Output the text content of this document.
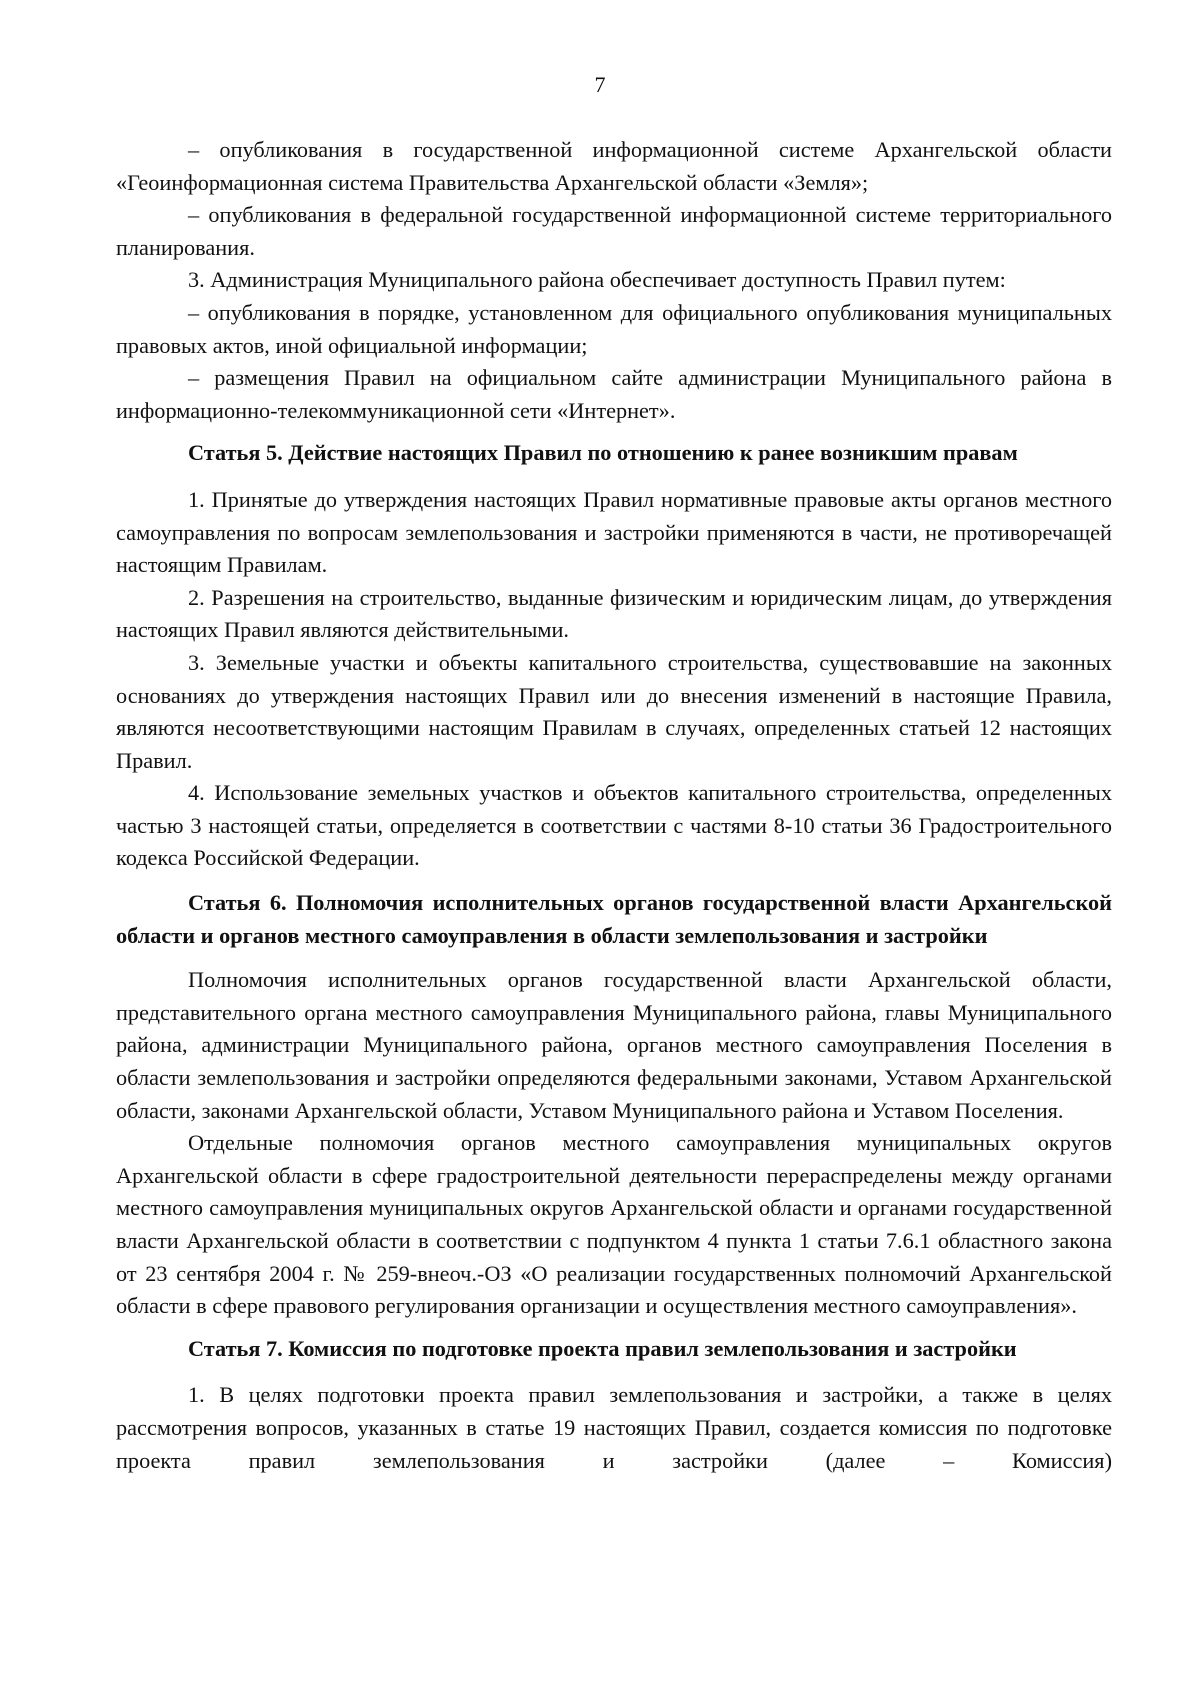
7

– опубликования в государственной информационной системе Архангельской области «Геоинформационная система Правительства Архангельской области «Земля»;

– опубликования в федеральной государственной информационной системе территориального планирования.

3. Администрация Муниципального района обеспечивает доступность Правил путем:

– опубликования в порядке, установленном для официального опубликования муниципальных правовых актов, иной официальной информации;

– размещения Правил на официальном сайте администрации Муниципального района в информационно-телекоммуникационной сети «Интернет».

Статья 5. Действие настоящих Правил по отношению к ранее возникшим правам

1. Принятые до утверждения настоящих Правил нормативные правовые акты органов местного самоуправления по вопросам землепользования и застройки применяются в части, не противоречащей настоящим Правилам.

2. Разрешения на строительство, выданные физическим и юридическим лицам, до утверждения настоящих Правил являются действительными.

3. Земельные участки и объекты капитального строительства, существовавшие на законных основаниях до утверждения настоящих Правил или до внесения изменений в настоящие Правила, являются несоответствующими настоящим Правилам в случаях, определенных статьей 12 настоящих Правил.

4. Использование земельных участков и объектов капитального строительства, определенных частью 3 настоящей статьи, определяется в соответствии с частями 8-10 статьи 36 Градостроительного кодекса Российской Федерации.

Статья 6. Полномочия исполнительных органов государственной власти Архангельской области и органов местного самоуправления в области землепользования и застройки

Полномочия исполнительных органов государственной власти Архангельской области, представительного органа местного самоуправления Муниципального района, главы Муниципального района, администрации Муниципального района, органов местного самоуправления Поселения в области землепользования и застройки определяются федеральными законами, Уставом Архангельской области, законами Архангельской области, Уставом Муниципального района и Уставом Поселения.

Отдельные полномочия органов местного самоуправления муниципальных округов Архангельской области в сфере градостроительной деятельности перераспределены между органами местного самоуправления муниципальных округов Архангельской области и органами государственной власти Архангельской области в соответствии с подпунктом 4 пункта 1 статьи 7.6.1 областного закона от 23 сентября 2004 г. № 259-внеоч.-ОЗ «О реализации государственных полномочий Архангельской области в сфере правового регулирования организации и осуществления местного самоуправления».

Статья 7. Комиссия по подготовке проекта правил землепользования и застройки

1. В целях подготовки проекта правил землепользования и застройки, а также в целях рассмотрения вопросов, указанных в статье 19 настоящих Правил, создается комиссия по подготовке проекта правил землепользования и застройки (далее – Комиссия)
